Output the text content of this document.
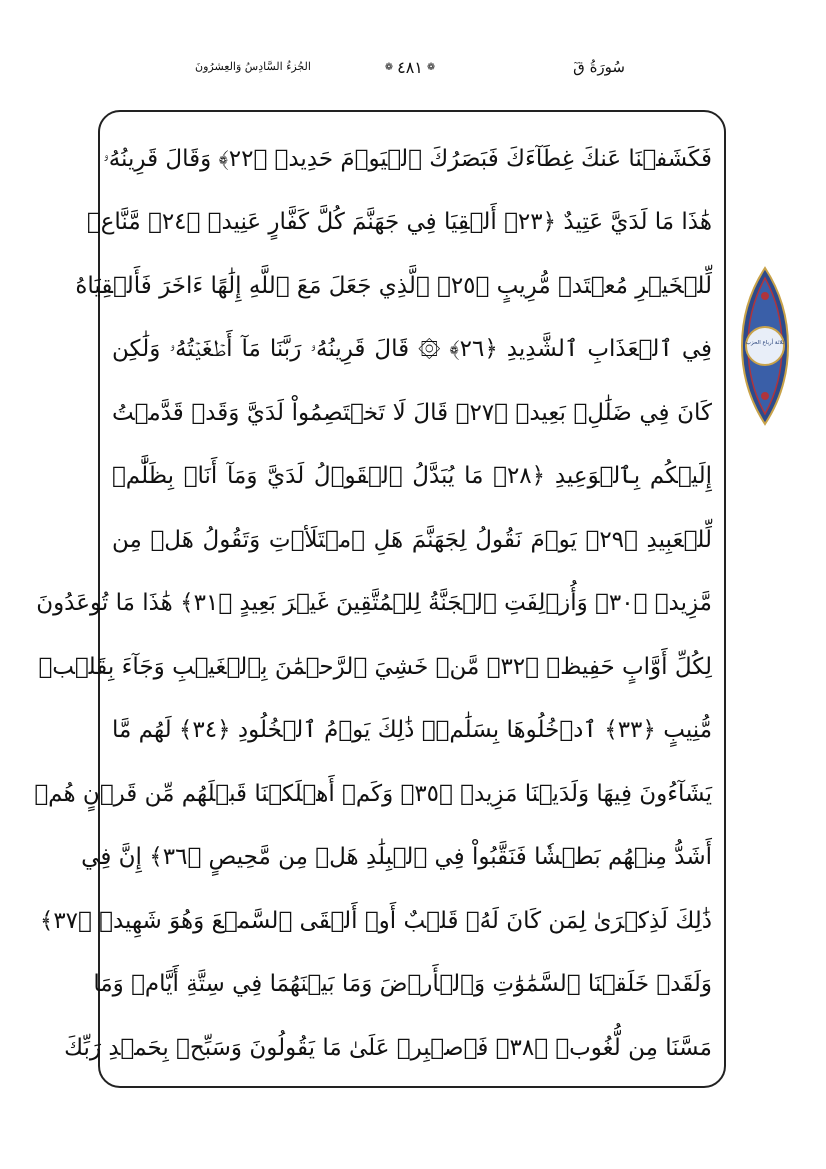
سُورَةُ قٓ
❁
٤٨١
❁
الجُزءُ السَّادِسُ وَالعِشرُونَ
فَكَشَفۡنَا عَنكَ غِطَآءَكَ فَبَصَرُكَ ٱلۡيَوۡمَ حَدِيدٞ ﴿٢٢﴾ وَقَالَ قَرِينُهُۥ
هَٰذَا مَا لَدَيَّ عَتِيدٌ ﴿٢٣﴾ أَلۡقِيَا فِي جَهَنَّمَ كُلَّ كَفَّارٍ عَنِيدٖ ﴿٢٤﴾ مَّنَّاعٖ
لِّلۡخَيۡرِ مُعۡتَدٖ مُّرِيبٍ ﴿٢٥﴾ ٱلَّذِي جَعَلَ مَعَ ٱللَّهِ إِلَٰهًا ءَاخَرَ فَأَلۡقِيَاهُ
فِي ٱلۡعَذَابِ ٱلشَّدِيدِ ﴿٢٦﴾ ۞ قَالَ قَرِينُهُۥ رَبَّنَا مَآ أَطۡغَيۡتُهُۥ وَلَٰكِن
كَانَ فِي ضَلَٰلِۭ بَعِيدٖ ﴿٢٧﴾ قَالَ لَا تَخۡتَصِمُواْ لَدَيَّ وَقَدۡ قَدَّمۡتُ
إِلَيۡكُم بِٱلۡوَعِيدِ ﴿٢٨﴾ مَا يُبَدَّلُ ٱلۡقَوۡلُ لَدَيَّ وَمَآ أَنَا۠ بِظَلَّٰمٖ
لِّلۡعَبِيدِ ﴿٢٩﴾ يَوۡمَ نَقُولُ لِجَهَنَّمَ هَلِ ٱمۡتَلَأۡتِ وَتَقُولُ هَلۡ مِن
مَّزِيدٖ ﴿٣٠﴾ وَأُزۡلِفَتِ ٱلۡجَنَّةُ لِلۡمُتَّقِينَ غَيۡرَ بَعِيدٍ ﴿٣١﴾ هَٰذَا مَا تُوعَدُونَ
لِكُلِّ أَوَّابٍ حَفِيظٖ ﴿٣٢﴾ مَّنۡ خَشِيَ ٱلرَّحۡمَٰنَ بِٱلۡغَيۡبِ وَجَآءَ بِقَلۡبٖ
مُّنِيبٍ ﴿٣٣﴾ ٱدۡخُلُوهَا بِسَلَٰمٖۖ ذَٰلِكَ يَوۡمُ ٱلۡخُلُودِ ﴿٣٤﴾ لَهُم مَّا
يَشَآءُونَ فِيهَا وَلَدَيۡنَا مَزِيدٞ ﴿٣٥﴾ وَكَمۡ أَهۡلَكۡنَا قَبۡلَهُم مِّن قَرۡنٍ هُمۡ
أَشَدُّ مِنۡهُم بَطۡشٗا فَنَقَّبُواْ فِي ٱلۡبِلَٰدِ هَلۡ مِن مَّحِيصٍ ﴿٣٦﴾ إِنَّ فِي
ذَٰلِكَ لَذِكۡرَىٰ لِمَن كَانَ لَهُۥ قَلۡبٌ أَوۡ أَلۡقَى ٱلسَّمۡعَ وَهُوَ شَهِيدٞ ﴿٣٧﴾
وَلَقَدۡ خَلَقۡنَا ٱلسَّمَٰوَٰتِ وَٱلۡأَرۡضَ وَمَا بَيۡنَهُمَا فِي سِتَّةِ أَيَّامٖ وَمَا
مَسَّنَا مِن لُّغُوبٖ ﴿٣٨﴾ فَٱصۡبِرۡ عَلَىٰ مَا يَقُولُونَ وَسَبِّحۡ بِحَمۡدِ رَبِّكَ
ثلاثة أرباع الحزب
